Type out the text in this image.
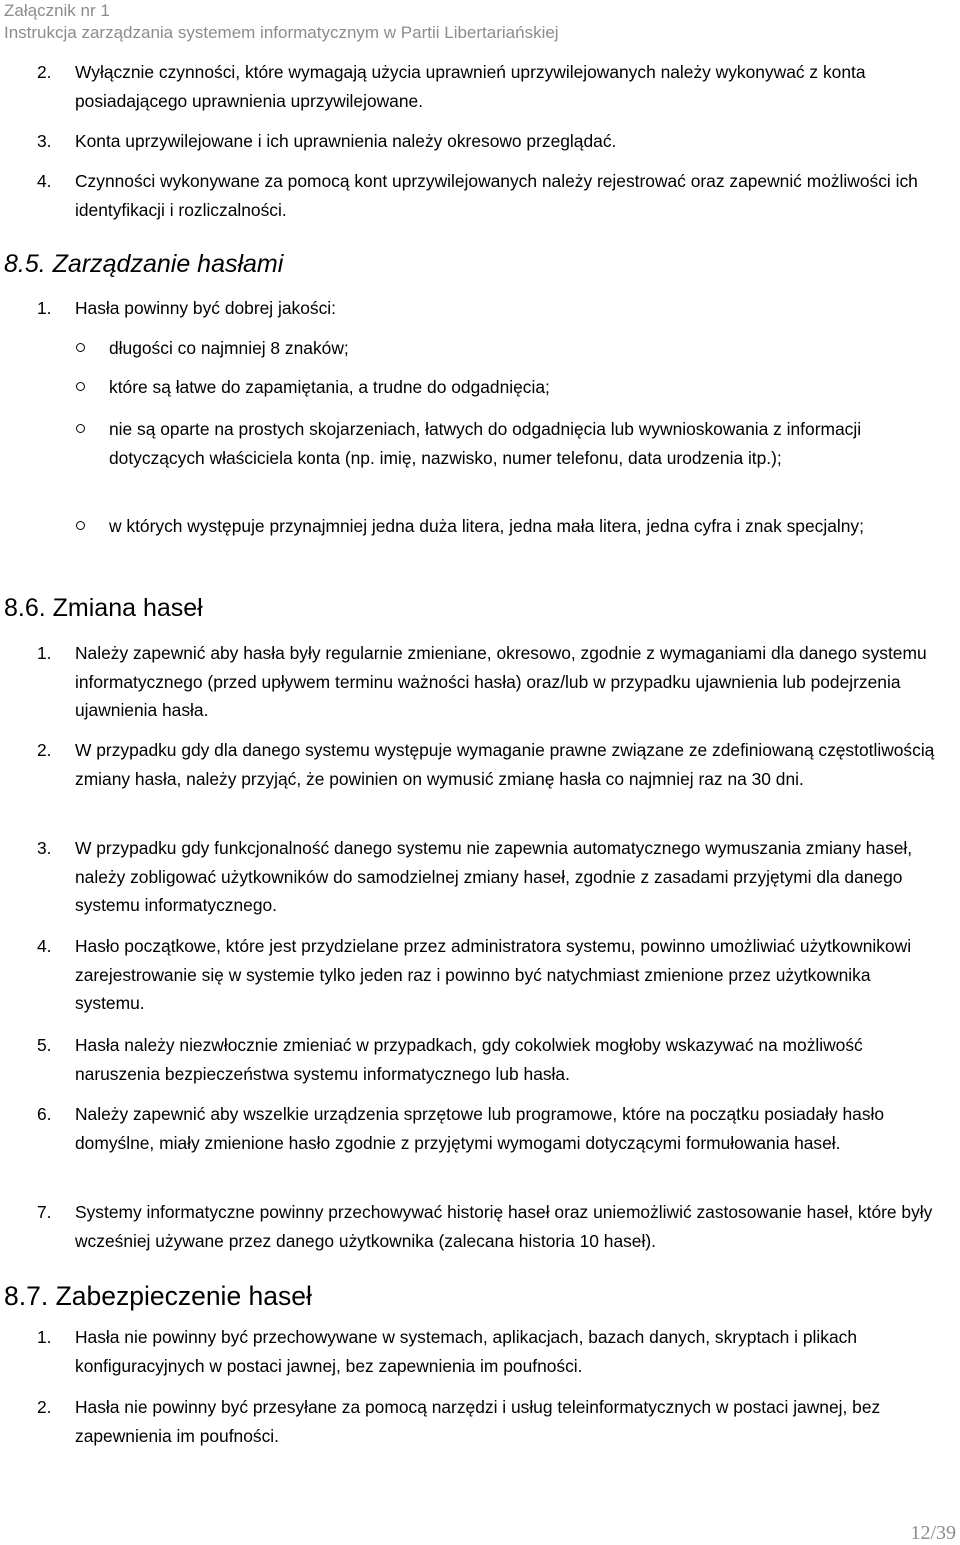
Załącznik nr 1
Instrukcja zarządzania systemem informatycznym w Partii Libertariańskiej
2. Wyłącznie czynności, które wymagają użycia uprawnień uprzywilejowanych należy wykonywać z konta posiadającego uprawnienia uprzywilejowane.
3. Konta uprzywilejowane i ich uprawnienia należy okresowo przeglądać.
4. Czynności wykonywane za pomocą kont uprzywilejowanych należy rejestrować oraz zapewnić możliwości ich identyfikacji i rozliczalności.
8.5. Zarządzanie hasłami
1. Hasła powinny być dobrej jakości:
długości co najmniej 8 znaków;
które są łatwe do zapamiętania, a trudne do odgadnięcia;
nie są oparte na prostych skojarzeniach, łatwych do odgadnięcia lub wywnioskowania z informacji dotyczących właściciela konta (np. imię, nazwisko, numer telefonu, data urodzenia itp.);
w których występuje przynajmniej jedna duża litera, jedna mała litera, jedna cyfra i znak specjalny;
8.6. Zmiana haseł
1. Należy zapewnić aby hasła były regularnie zmieniane, okresowo, zgodnie z wymaganiami dla danego systemu informatycznego (przed upływem terminu ważności hasła) oraz/lub w przypadku ujawnienia lub podejrzenia ujawnienia hasła.
2. W przypadku gdy dla danego systemu występuje wymaganie prawne związane ze zdefiniowaną częstotliwością zmiany hasła, należy przyjąć, że powinien on wymusić zmianę hasła co najmniej raz na 30 dni.
3. W przypadku gdy funkcjonalność danego systemu nie zapewnia automatycznego wymuszania zmiany haseł, należy zobligować użytkowników do samodzielnej zmiany haseł, zgodnie z zasadami przyjętymi dla danego systemu informatycznego.
4. Hasło początkowe, które jest przydzielane przez administratora systemu, powinno umożliwiać użytkownikowi zarejestrowanie się w systemie tylko jeden raz i powinno być natychmiast zmienione przez użytkownika systemu.
5. Hasła należy niezwłocznie zmieniać w przypadkach, gdy cokolwiek mogłoby wskazywać na możliwość naruszenia bezpieczeństwa systemu informatycznego lub hasła.
6. Należy zapewnić aby wszelkie urządzenia sprzętowe lub programowe, które na początku posiadały hasło domyślne, miały zmienione hasło zgodnie z przyjętymi wymogami dotyczącymi formułowania haseł.
7. Systemy informatyczne powinny przechowywać historię haseł oraz uniemożliwić zastosowanie haseł, które były wcześniej używane przez danego użytkownika (zalecana historia 10 haseł).
8.7. Zabezpieczenie haseł
1. Hasła nie powinny być przechowywane w systemach, aplikacjach, bazach danych, skryptach i plikach konfiguracyjnych w postaci jawnej, bez zapewnienia im poufności.
2. Hasła nie powinny być przesyłane za pomocą narzędzi i usług teleinformatycznych w postaci jawnej, bez zapewnienia im poufności.
12/39
